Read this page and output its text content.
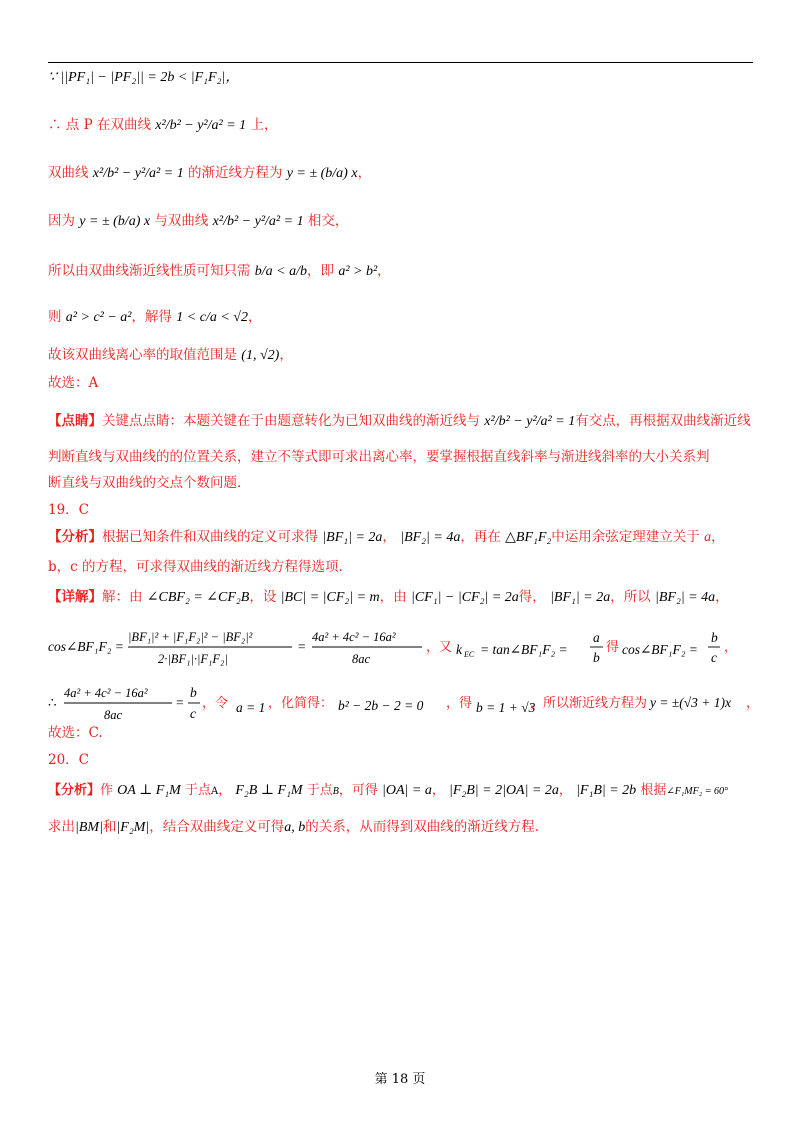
∵ ||PF₁| − |PF₂|| = 2b < |F₁F₂|，
∴ 点 P 在双曲线 x²/b² − y²/a² = 1 上，
双曲线 x²/b² − y²/a² = 1 的渐近线方程为 y = ± (b/a) x，
因为 y = ± (b/a) x 与双曲线 x²/b² − y²/a² = 1 相交，
所以由双曲线渐近线性质可知只需 b/a < a/b，即 a² > b²，
则 a² > c² − a²，解得 1 < c/a < √2，
故该双曲线离心率的取值范围是 (1, √2)，
故选：A
【点睛】关键点点睛：本题关键在于由题意转化为已知双曲线的渐近线与 x²/b² − y²/a² = 1有交点，再根据双曲线渐近线
判断直线与双曲线的的位置关系，建立不等式即可求出离心率，要掌握根据直线斜率与渐进线斜率的大小关系判
断直线与双曲线的交点个数问题.
19．C
【分析】根据已知条件和双曲线的定义可求得 |BF₁| = 2a， |BF₂| = 4a，再在 △BF₁F₂中运用余弦定理建立关于 a，
b，c 的方程，可求得双曲线的渐近线方程得选项.
【详解】解：由 ∠CBF₂ = ∠CF₂B，设 |BC| = |CF₂| = m，由 |CF₁| − |CF₂| = 2a得， |BF₁| = 2a，所以 |BF₂| = 4a，
cos∠BF₁F₂ =
|BF₁|² + |F₁F₂|² − |BF₂|²
2·|BF₁|·|F₁F₂|
=
4a² + 4c² − 16a²
8ac
，又 k EC = tan∠BF₁F₂ =
a
b
得 cos∠BF₁F₂ =
b
c
，
∴
4a² + 4c² − 16a²
8ac
=
b
c
，令 a = 1 ，化简得： b² − 2b − 2 = 0 ，得 b = 1 + √3
，所以渐近线方程为 y = ±(√3 + 1)x ，
故选：C.
20．C
【分析】作 OA ⊥ F₁M 于点A， F₂B ⊥ F₁M 于点B，可得 |OA| = a， |F₂B| = 2|OA| = 2a， |F₁B| = 2b 根据∠F₁MF₂ = 60°
求出|BM|和|F₂M|，结合双曲线定义可得a, b的关系，从而得到双曲线的渐近线方程.
第 18 页
